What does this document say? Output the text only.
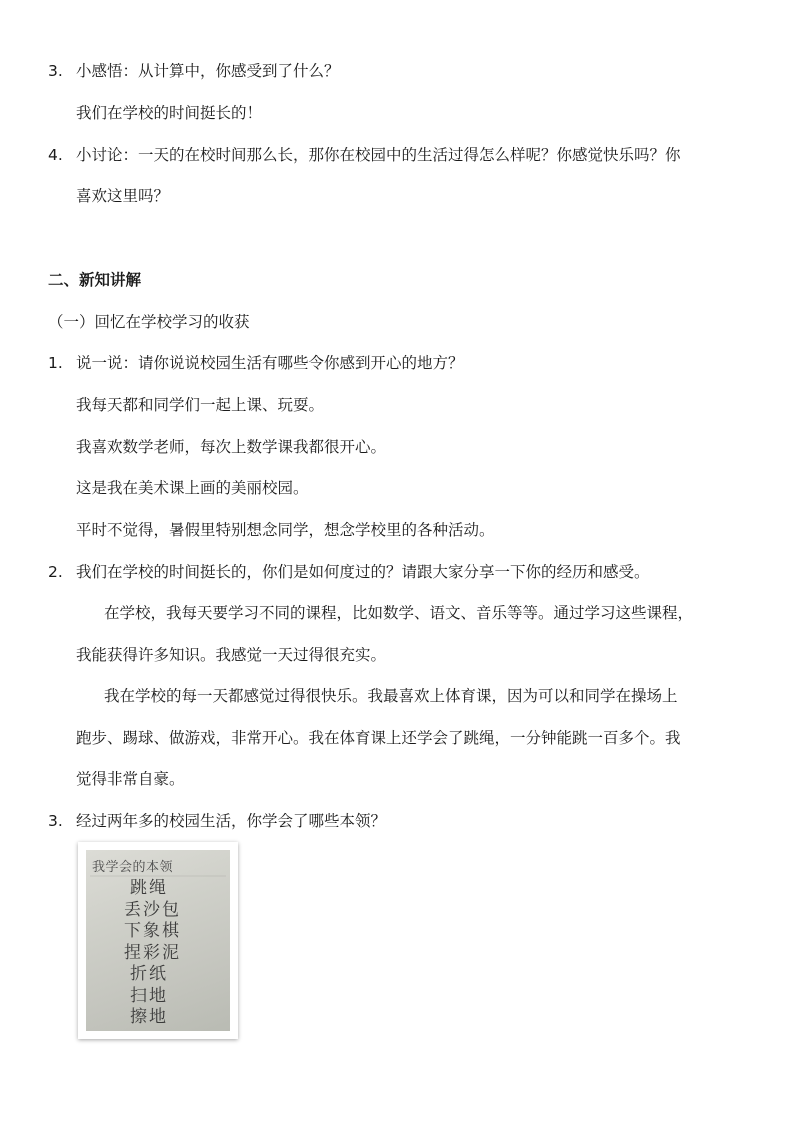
3. 小感悟：从计算中，你感受到了什么？
我们在学校的时间挺长的！
4. 小讨论：一天的在校时间那么长，那你在校园中的生活过得怎么样呢？你感觉快乐吗？你
喜欢这里吗？
二、新知讲解
（一）回忆在学校学习的收获
1. 说一说：请你说说校园生活有哪些令你感到开心的地方？
我每天都和同学们一起上课、玩耍。
我喜欢数学老师，每次上数学课我都很开心。
这是我在美术课上画的美丽校园。
平时不觉得，暑假里特别想念同学，想念学校里的各种活动。
2. 我们在学校的时间挺长的，你们是如何度过的？请跟大家分享一下你的经历和感受。
在学校，我每天要学习不同的课程，比如数学、语文、音乐等等。通过学习这些课程，
我能获得许多知识。我感觉一天过得很充实。
我在学校的每一天都感觉过得很快乐。我最喜欢上体育课，因为可以和同学在操场上
跑步、踢球、做游戏，非常开心。我在体育课上还学会了跳绳，一分钟能跳一百多个。我
觉得非常自豪。
3. 经过两年多的校园生活，你学会了哪些本领？
我学会的本领
跳绳
丢沙包
下象棋
捏彩泥
折纸
扫地
擦地
